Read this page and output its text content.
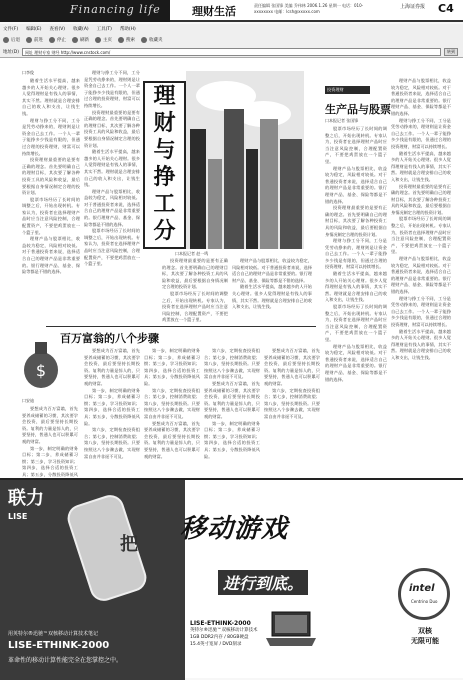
Financing life	理财生活	责任编辑 张国锋 美编 乔伟林 2006.1.26 星期一 电话：010-xxxxxxxx 电邮：lcsh@xxxxx.com
上海证券报 C4
文件(F) 编辑(E) 查看(V) 收藏(A) 工具(T) 帮助(H)
后退	前进	停止	刷新	主页	搜索	收藏夹
地址(D)	网址 理财专家 财经 http://www.cnstock.com/	转到
口李俊

随着生活水平提高，越来越多的人开始关心理财。很多人觉得理财是有钱人的事情，其实不然。理财就是合理安排自己的收入和支出，让钱生钱。

理财与挣工分不同，工分是凭劳动挣来的，理财则是让资金自己去工作。一个人一辈子能挣多少钱是有限的，但通过合理的投资理财，财富可以持续增长。

投资理财最重要的是要有正确的理念。首先要明确自己的理财目标，其次要了解各种投资工具的风险和收益，最后要根据自身情况制定合理的投资计划。

股票市场经历了长时间的调整之后，开始出现转机。专家认为，投资者在选择理财产品时应当注意风险控制，合理配置资产，不要把鸡蛋放在一个篮子里。

理财产品与股票相比，收益较为稳定，风险相对较低。对于普通投资者来说，选择适合自己的理财产品是非常重要的。银行理财产品、基金、保险等都是不错的选择。

理财与挣工分不同，工分是凭劳动挣来的，理财则是让资金自己去工作。一个人一辈子能挣多少钱是有限的，但通过合理的投资理财，财富可以持续增长。

投资理财最重要的是要有正确的理念。首先要明确自己的理财目标，其次要了解各种投资工具的风险和收益，最后要根据自身情况制定合理的投资计划。

随着生活水平提高，越来越多的人开始关心理财。很多人觉得理财是有钱人的事情，其实不然。理财就是合理安排自己的收入和支出，让钱生钱。

理财产品与股票相比，收益较为稳定，风险相对较低。对于普通投资者来说，选择适合自己的理财产品是非常重要的。银行理财产品、基金、保险等都是不错的选择。

股票市场经历了长时间的调整之后，开始出现转机。专家认为，投资者在选择理财产品时应当注意风险控制，合理配置资产，不要把鸡蛋放在一个篮子里。

理
财
与
挣
工
分
口本报记者 赵一鸣

投资理财最重要的是要有正确的理念。首先要明确自己的理财目标，其次要了解各种投资工具的风险和收益，最后要根据自身情况制定合理的投资计划。

股票市场经历了长时间的调整之后，开始出现转机。专家认为，投资者在选择理财产品时应当注意风险控制，合理配置资产，不要把鸡蛋放在一个篮子里。

理财产品与股票相比，收益较为稳定，风险相对较低。对于普通投资者来说，选择适合自己的理财产品是非常重要的。银行理财产品、基金、保险等都是不错的选择。

随着生活水平提高，越来越多的人开始关心理财。很多人觉得理财是有钱人的事情，其实不然。理财就是合理安排自己的收入和支出，让钱生钱。

投资理财
生产品与股票
口本报记者 张国锋

股票市场经历了长时间的调整之后，开始出现转机。专家认为，投资者在选择理财产品时应当注意风险控制，合理配置资产，不要把鸡蛋放在一个篮子里。

理财产品与股票相比，收益较为稳定，风险相对较低。对于普通投资者来说，选择适合自己的理财产品是非常重要的。银行理财产品、基金、保险等都是不错的选择。

投资理财最重要的是要有正确的理念。首先要明确自己的理财目标，其次要了解各种投资工具的风险和收益，最后要根据自身情况制定合理的投资计划。

理财与挣工分不同，工分是凭劳动挣来的，理财则是让资金自己去工作。一个人一辈子能挣多少钱是有限的，但通过合理的投资理财，财富可以持续增长。

随着生活水平提高，越来越多的人开始关心理财。很多人觉得理财是有钱人的事情，其实不然。理财就是合理安排自己的收入和支出，让钱生钱。

股票市场经历了长时间的调整之后，开始出现转机。专家认为，投资者在选择理财产品时应当注意风险控制，合理配置资产，不要把鸡蛋放在一个篮子里。

理财产品与股票相比，收益较为稳定，风险相对较低。对于普通投资者来说，选择适合自己的理财产品是非常重要的。银行理财产品、基金、保险等都是不错的选择。

理财产品与股票相比，收益较为稳定，风险相对较低。对于普通投资者来说，选择适合自己的理财产品是非常重要的。银行理财产品、基金、保险等都是不错的选择。

理财与挣工分不同，工分是凭劳动挣来的，理财则是让资金自己去工作。一个人一辈子能挣多少钱是有限的，但通过合理的投资理财，财富可以持续增长。

随着生活水平提高，越来越多的人开始关心理财。很多人觉得理财是有钱人的事情，其实不然。理财就是合理安排自己的收入和支出，让钱生钱。

投资理财最重要的是要有正确的理念。首先要明确自己的理财目标，其次要了解各种投资工具的风险和收益，最后要根据自身情况制定合理的投资计划。

股票市场经历了长时间的调整之后，开始出现转机。专家认为，投资者在选择理财产品时应当注意风险控制，合理配置资产，不要把鸡蛋放在一个篮子里。

理财产品与股票相比，收益较为稳定，风险相对较低。对于普通投资者来说，选择适合自己的理财产品是非常重要的。银行理财产品、基金、保险等都是不错的选择。

理财与挣工分不同，工分是凭劳动挣来的，理财则是让资金自己去工作。一个人一辈子能挣多少钱是有限的，但通过合理的投资理财，财富可以持续增长。

随着生活水平提高，越来越多的人开始关心理财。很多人觉得理财是有钱人的事情，其实不然。理财就是合理安排自己的收入和支出，让钱生钱。

$
百万富翁的八个步骤
口安迪

要想成为百万富翁，首先要养成储蓄的习惯，其次要学会投资，最后要坚持长期投资。复利的力量是惊人的，只要坚持，普通人也可以积累可观的财富。

第一步，制定明确的财务目标；第二步，养成储蓄习惯；第三步，学习投资知识；第四步，选择合适的投资工具；第五步，分散投资降低风

要想成为百万富翁，首先要养成储蓄的习惯，其次要学会投资，最后要坚持长期投资。复利的力量是惊人的，只要坚持，普通人也可以积累可观的财富。

第一步，制定明确的财务目标；第二步，养成储蓄习惯；第三步，学习投资知识；第四步，选择合适的投资工具；第五步，分散投资降低风险。

第六步，定期检查投资组合；第七步，控制消费欲望；第八步，坚持长期投资。只要按照这八个步骤去做，实现财富自由并非遥不可及。

第一步，制定明确的财务目标；第二步，养成储蓄习惯；第三步，学习投资知识；第四步，选择合适的投资工具；第五步，分散投资降低风险。

第六步，定期检查投资组合；第七步，控制消费欲望；第八步，坚持长期投资。只要按照这八个步骤去做，实现财富自由并非遥不可及。

要想成为百万富翁，首先要养成储蓄的习惯，其次要学会投资，最后要坚持长期投资。复利的力量是惊人的，只要坚持，普通人也可以积累可观的财富。

第六步，定期检查投资组合；第七步，控制消费欲望；第八步，坚持长期投资。只要按照这八个步骤去做，实现财富自由并非遥不可及。

要想成为百万富翁，首先要养成储蓄的习惯，其次要学会投资，最后要坚持长期投资。复利的力量是惊人的，只要坚持，普通人也可以积累可观的财富。

第一步，制定明确的财务目标；第二步，养成储蓄习惯；第三步，学习投资知识；第四步，选择合适的投资工具；第五步，分散投资降低风险。

要想成为百万富翁，首先要养成储蓄的习惯，其次要学会投资，最后要坚持长期投资。复利的力量是惊人的，只要坚持，普通人也可以积累可观的财富。

第六步，定期检查投资组合；第七步，控制消费欲望；第八步，坚持长期投资。只要按照这八个步骤去做，实现财富自由并非遥不可及。

联力
LISE
用英特尔®迅驰™双核移动计算技术笔记
LISE-ETHINK-2000
革命性的移动计算性能完全在您掌控之中。
把
移动游戏
进行到底。
LISE-ETHINK-2000
英特尔®迅驰™双核移动计算技术
1GB DDR2内存 / 80GB硬盘
15.4英寸宽屏 / DVD刻录
intel
Centrino Duo
双核
无限可能
